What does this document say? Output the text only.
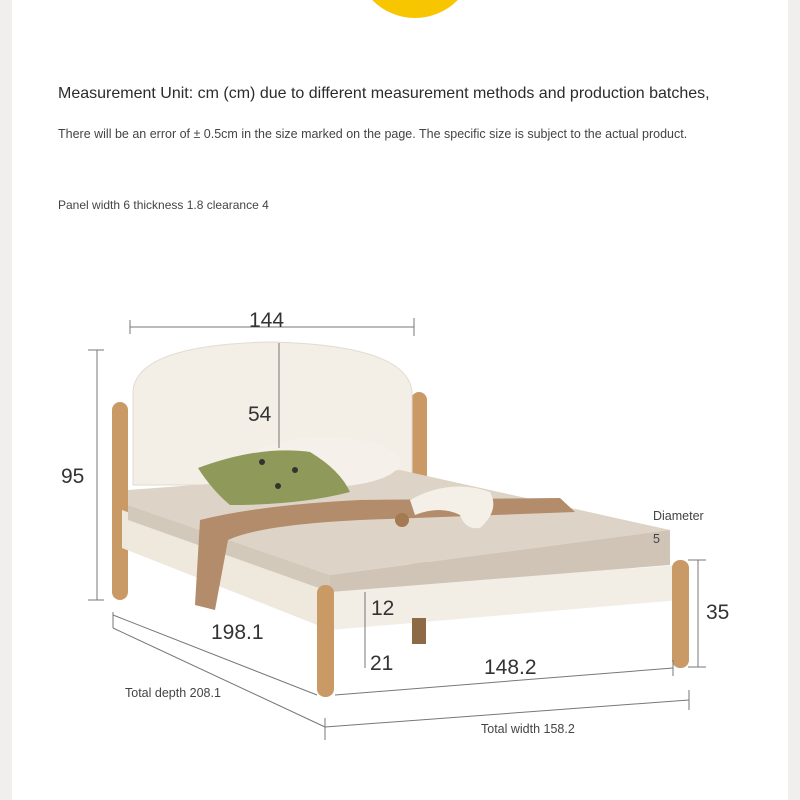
Measurement Unit: cm (cm) due to different measurement methods and production batches,
There will be an error of ± 0.5cm in the size marked on the page. The specific size is subject to the actual product.
Panel width 6 thickness 1.8 clearance 4
144
54
95
198.1
12
21	148.2
35
Diameter
5
Total depth 208.1
Total width 158.2
